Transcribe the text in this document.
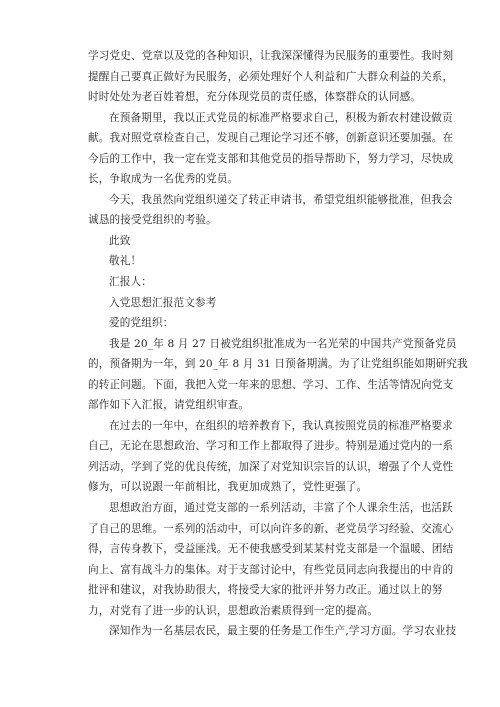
学习党史、党章以及党的各种知识，让我深深懂得为民服务的重要性。我时刻
提醒自己要真正做好为民服务，必须处理好个人利益和广大群众利益的关系，
时时处处为老百姓着想，充分体现党员的责任感，体察群众的认同感。
在预备期里，我以正式党员的标准严格要求自己，积极为新农村建设做贡
献。我对照党章检查自己，发现自己理论学习还不够，创新意识还要加强。在
今后的工作中，我一定在党支部和其他党员的指导帮助下，努力学习，尽快成
长，争取成为一名优秀的党员。
今天，我虽然向党组织递交了转正申请书，希望党组织能够批准，但我会
诚恳的接受党组织的考验。
此致
敬礼！
汇报人：
入党思想汇报范文参考
爱的党组织：
我是 20_年 8 月 27 日被党组织批准成为一名光荣的中国共产党预备党员
的，预备期为一年，到 20_年 8 月 31 日预备期满。为了让党组织能如期研究我
的转正问题。下面，我把入党一年来的思想、学习、工作、生活等情况向党支
部作如下入汇报，请党组织审查。
在过去的一年中，在组织的培养教育下，我认真按照党员的标准严格要求
自己，无论在思想政治、学习和工作上都取得了进步。特别是通过党内的一系
列活动，学到了党的优良传统，加深了对党知识宗旨的认识，增强了个人党性
修为，可以说跟一年前相比，我更加成熟了，党性更强了。
思想政治方面，通过党支部的一系列活动，丰富了个人课余生活，也活跃
了自己的思维。一系列的活动中，可以向许多的新、老党员学习经验、交流心
得，言传身教下，受益匪浅。无不使我感受到某某村党支部是一个温暖、团结
向上、富有战斗力的集体。对于支部讨论中，有些党员同志向我提出的中肯的
批评和建议，对我协助很大，将接受大家的批评并努力改正。通过以上的努
力，对党有了进一步的认识，思想政治素质得到一定的提高。
深知作为一名基层农民，最主要的任务是工作生产,学习方面。学习农业技
